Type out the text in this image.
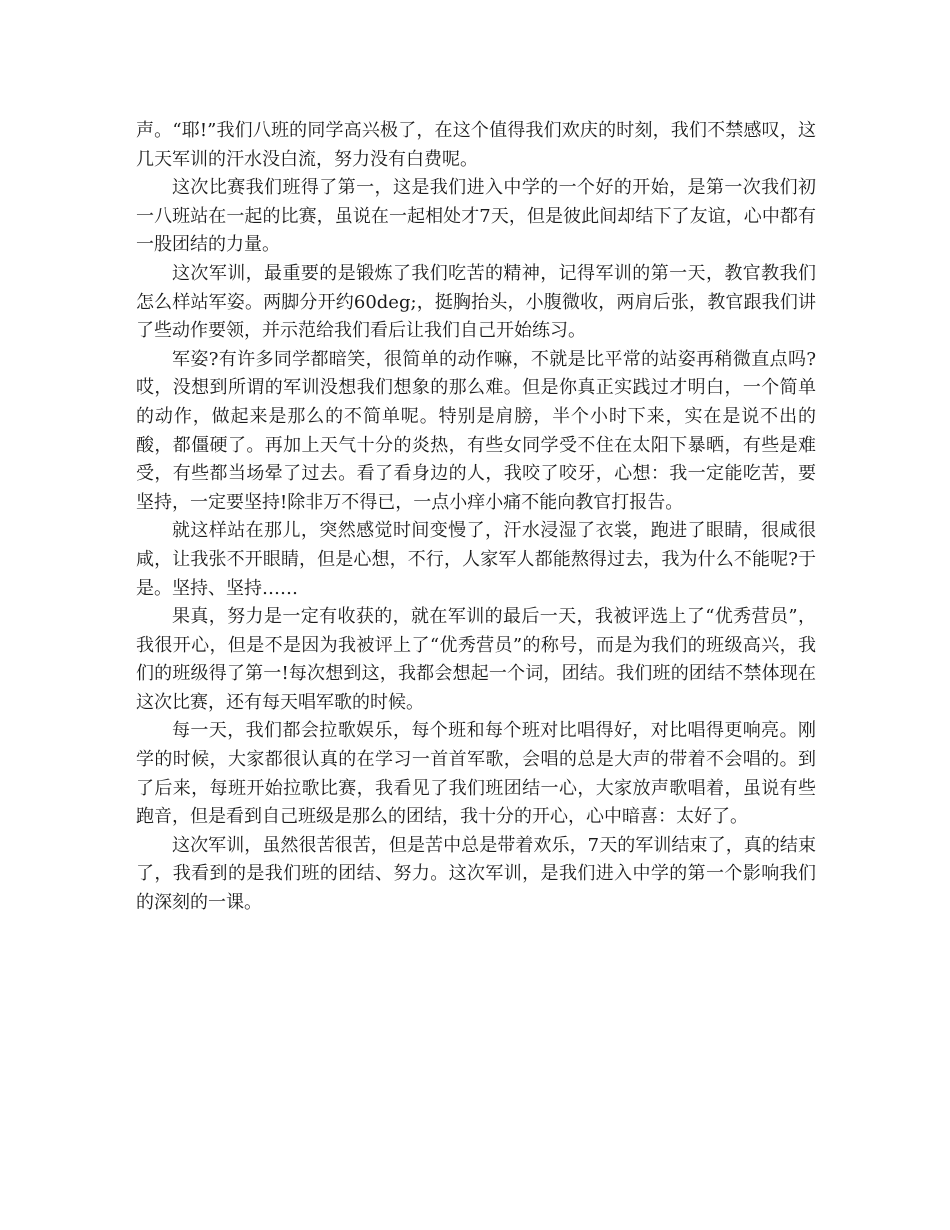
声。“耶!”我们八班的同学高兴极了，在这个值得我们欢庆的时刻，我们不禁感叹，这几天军训的汗水没白流，努力没有白费呢。

这次比赛我们班得了第一，这是我们进入中学的一个好的开始，是第一次我们初一八班站在一起的比赛，虽说在一起相处才7天，但是彼此间却结下了友谊，心中都有一股团结的力量。

这次军训，最重要的是锻炼了我们吃苦的精神，记得军训的第一天，教官教我们怎么样站军姿。两脚分开约60deg;，挺胸抬头，小腹微收，两肩后张，教官跟我们讲了些动作要领，并示范给我们看后让我们自己开始练习。

军姿?有许多同学都暗笑，很简单的动作嘛，不就是比平常的站姿再稍微直点吗?哎，没想到所谓的军训没想我们想象的那么难。但是你真正实践过才明白，一个简单的动作，做起来是那么的不简单呢。特别是肩膀，半个小时下来，实在是说不出的酸，都僵硬了。再加上天气十分的炎热，有些女同学受不住在太阳下暴晒，有些是难受，有些都当场晕了过去。看了看身边的人，我咬了咬牙，心想：我一定能吃苦，要坚持，一定要坚持!除非万不得已，一点小痒小痛不能向教官打报告。

就这样站在那儿，突然感觉时间变慢了，汗水浸湿了衣裳，跑进了眼睛，很咸很咸，让我张不开眼睛，但是心想，不行，人家军人都能熬得过去，我为什么不能呢?于是。坚持、坚持……

果真，努力是一定有收获的，就在军训的最后一天，我被评选上了“优秀营员”，我很开心，但是不是因为我被评上了“优秀营员”的称号，而是为我们的班级高兴，我们的班级得了第一!每次想到这，我都会想起一个词，团结。我们班的团结不禁体现在这次比赛，还有每天唱军歌的时候。

每一天，我们都会拉歌娱乐，每个班和每个班对比唱得好，对比唱得更响亮。刚学的时候，大家都很认真的在学习一首首军歌，会唱的总是大声的带着不会唱的。到了后来，每班开始拉歌比赛，我看见了我们班团结一心，大家放声歌唱着，虽说有些跑音，但是看到自己班级是那么的团结，我十分的开心，心中暗喜：太好了。

这次军训，虽然很苦很苦，但是苦中总是带着欢乐，7天的军训结束了，真的结束了，我看到的是我们班的团结、努力。这次军训，是我们进入中学的第一个影响我们的深刻的一课。
